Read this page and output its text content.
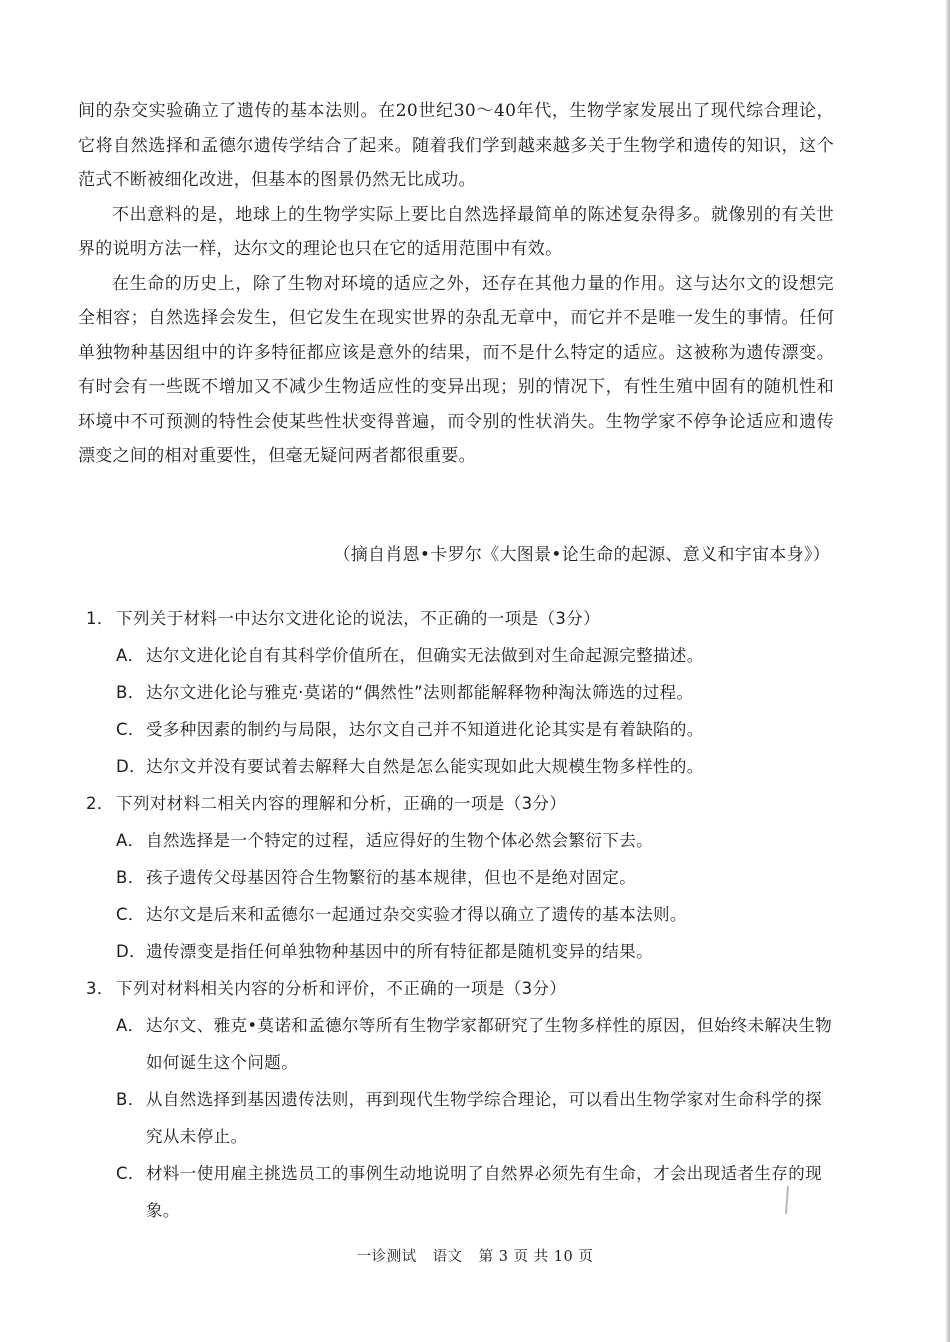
间的杂交实验确立了遗传的基本法则。在20世纪30～40年代，生物学家发展出了现代综合理论，它将自然选择和孟德尔遗传学结合了起来。随着我们学到越来越多关于生物学和遗传的知识，这个范式不断被细化改进，但基本的图景仍然无比成功。

不出意料的是，地球上的生物学实际上要比自然选择最简单的陈述复杂得多。就像别的有关世界的说明方法一样，达尔文的理论也只在它的适用范围中有效。

在生命的历史上，除了生物对环境的适应之外，还存在其他力量的作用。这与达尔文的设想完全相容；自然选择会发生，但它发生在现实世界的杂乱无章中，而它并不是唯一发生的事情。任何单独物种基因组中的许多特征都应该是意外的结果，而不是什么特定的适应。这被称为遗传漂变。有时会有一些既不增加又不减少生物适应性的变异出现；别的情况下，有性生殖中固有的随机性和环境中不可预测的特性会使某些性状变得普遍，而令别的性状消失。生物学家不停争论适应和遗传漂变之间的相对重要性，但毫无疑问两者都很重要。

（摘自肖恩•卡罗尔《大图景•论生命的起源、意义和宇宙本身》）
1． 下列关于材料一中达尔文进化论的说法，不正确的一项是（3分）
A． 达尔文进化论自有其科学价值所在，但确实无法做到对生命起源完整描述。
B． 达尔文进化论与雅克·莫诺的“偶然性”法则都能解释物种淘汰筛选的过程。
C． 受多种因素的制约与局限，达尔文自己并不知道进化论其实是有着缺陷的。
D． 达尔文并没有要试着去解释大自然是怎么能实现如此大规模生物多样性的。
2． 下列对材料二相关内容的理解和分析，正确的一项是（3分）
A． 自然选择是一个特定的过程，适应得好的生物个体必然会繁衍下去。
B． 孩子遗传父母基因符合生物繁衍的基本规律，但也不是绝对固定。
C． 达尔文是后来和孟德尔一起通过杂交实验才得以确立了遗传的基本法则。
D． 遗传漂变是指任何单独物种基因中的所有特征都是随机变异的结果。
3． 下列对材料相关内容的分析和评价，不正确的一项是（3分）
A． 达尔文、雅克•莫诺和孟德尔等所有生物学家都研究了生物多样性的原因，但始终未解决生物如何诞生这个问题。
B． 从自然选择到基因遗传法则，再到现代生物学综合理论，可以看出生物学家对生命科学的探究从未停止。
C． 材料一使用雇主挑选员工的事例生动地说明了自然界必须先有生命，才会出现适者生存的现象。
一诊测试 语文 第 3 页 共 10 页
